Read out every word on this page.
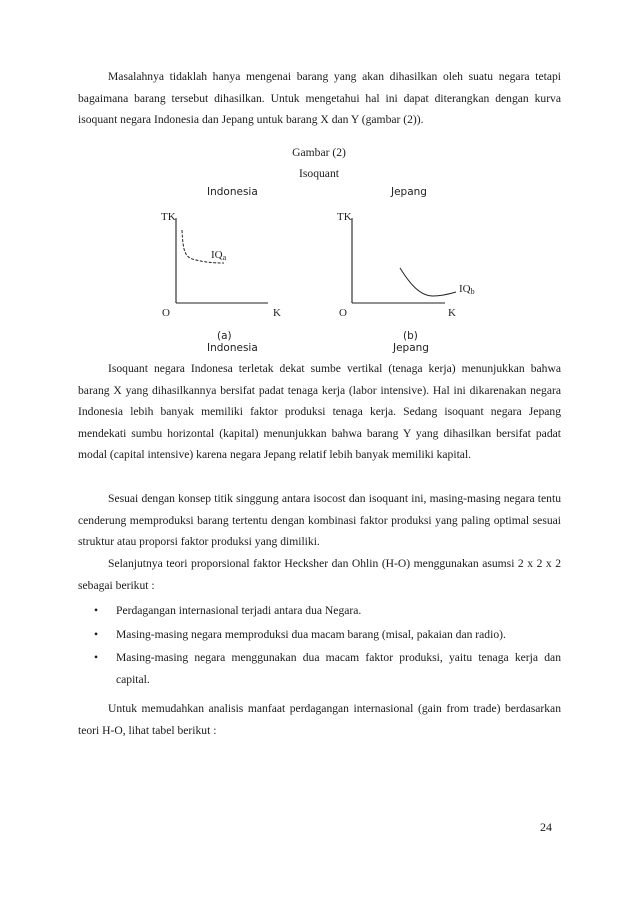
Masalahnya tidaklah hanya mengenai barang yang akan dihasilkan oleh suatu negara tetapi bagaimana barang tersebut dihasilkan. Untuk mengetahui hal ini dapat diterangkan dengan kurva isoquant negara Indonesia dan Jepang untuk barang X dan Y (gambar (2)).

Gambar (2)
Isoquant
Indonesia
TK
IQa
O	K
(a)
Indonesia
Jepang
TK
IQb
O	K
(b)
Jepang

Isoquant negara Indonesa terletak dekat sumbe vertikal (tenaga kerja) menunjukkan bahwa barang X yang dihasilkannya bersifat padat tenaga kerja (labor intensive). Hal ini dikarenakan negara Indonesia lebih banyak memiliki faktor produksi tenaga kerja. Sedang isoquant negara Jepang mendekati sumbu horizontal (kapital) menunjukkan bahwa barang Y yang dihasilkan bersifat padat modal (capital intensive) karena negara Jepang relatif lebih banyak memiliki kapital.

Sesuai dengan konsep titik singgung antara isocost dan isoquant ini, masing-masing negara tentu cenderung memproduksi barang tertentu dengan kombinasi faktor produksi yang paling optimal sesuai struktur atau proporsi faktor produksi yang dimiliki.

Selanjutnya teori proporsional faktor Hecksher dan Ohlin (H-O) menggunakan asumsi 2 x 2 x 2 sebagai berikut :

• Perdagangan internasional terjadi antara dua Negara.
• Masing-masing negara memproduksi dua macam barang (misal, pakaian dan radio).
• Masing-masing negara menggunakan dua macam faktor produksi, yaitu tenaga kerja dan capital.

Untuk memudahkan analisis manfaat perdagangan internasional (gain from trade) berdasarkan teori H-O, lihat tabel berikut :

24
